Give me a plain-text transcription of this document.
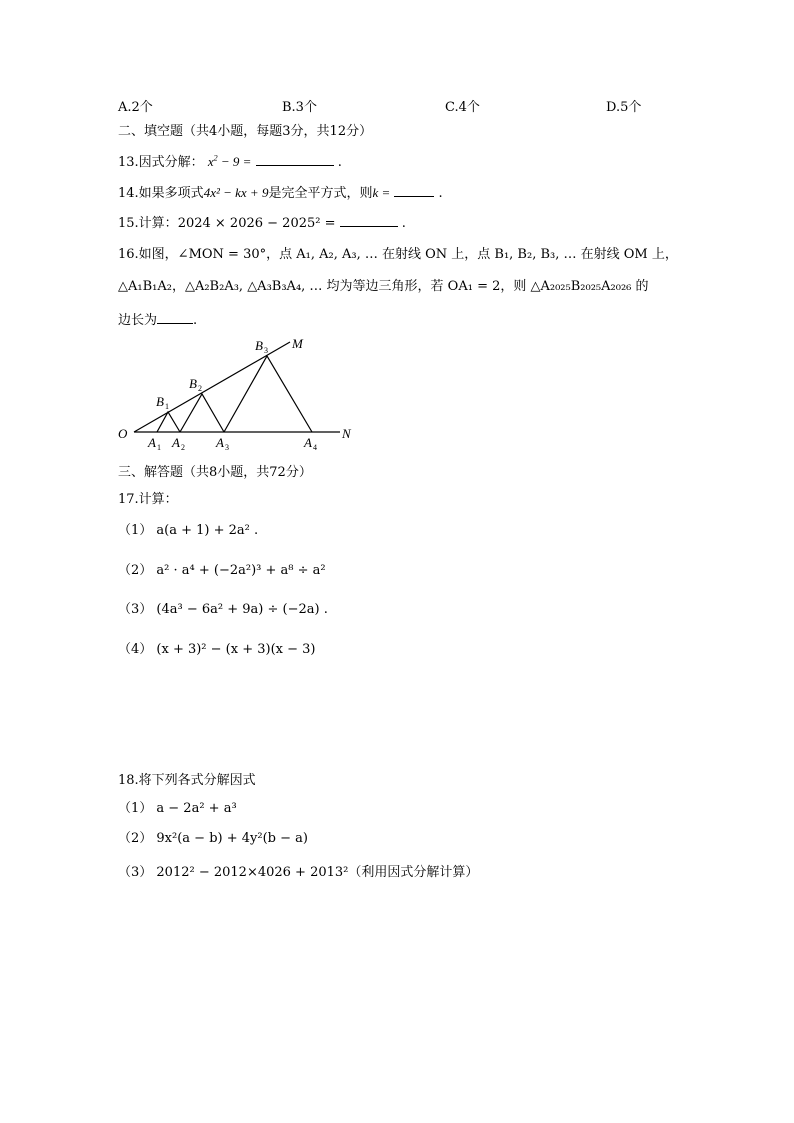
A.2个	B.3个	C.4个	D.5个
二、填空题（共4小题，每题3分，共12分）
13.因式分解： $x^2 - 9$ =	.
14.如果多项式4x² − kx + 9是完全平方式，则k =	.
15.计算：2024 × 2026 − 2025² =	.
16.如图，∠MON = 30°，点 A₁, A₂, A₃, … 在射线 ON 上，点 B₁, B₂, B₃, … 在射线 OM 上，
△A₁B₁A₂，△A₂B₂A₃, △A₃B₃A₄, … 均为等边三角形，若 OA₁ = 2，则 △A₂₀₂₅B₂₀₂₅A₂₀₂₆ 的
边长为	.
O	N
M
A 1 A 2 A 3	A 4
B 1
B 2
B 3
三、解答题（共8小题，共72分）
17.计算：
（1） a(a + 1) + 2a² .
（2） a² · a⁴ + (−2a²)³ + a⁸ ÷ a²
（3） (4a³ − 6a² + 9a) ÷ (−2a) .
（4） (x + 3)² − (x + 3)(x − 3)
18.将下列各式分解因式
（1） a − 2a² + a³
（2） 9x²(a − b) + 4y²(b − a)
（3） 2012² − 2012×4026 + 2013²（利用因式分解计算）
